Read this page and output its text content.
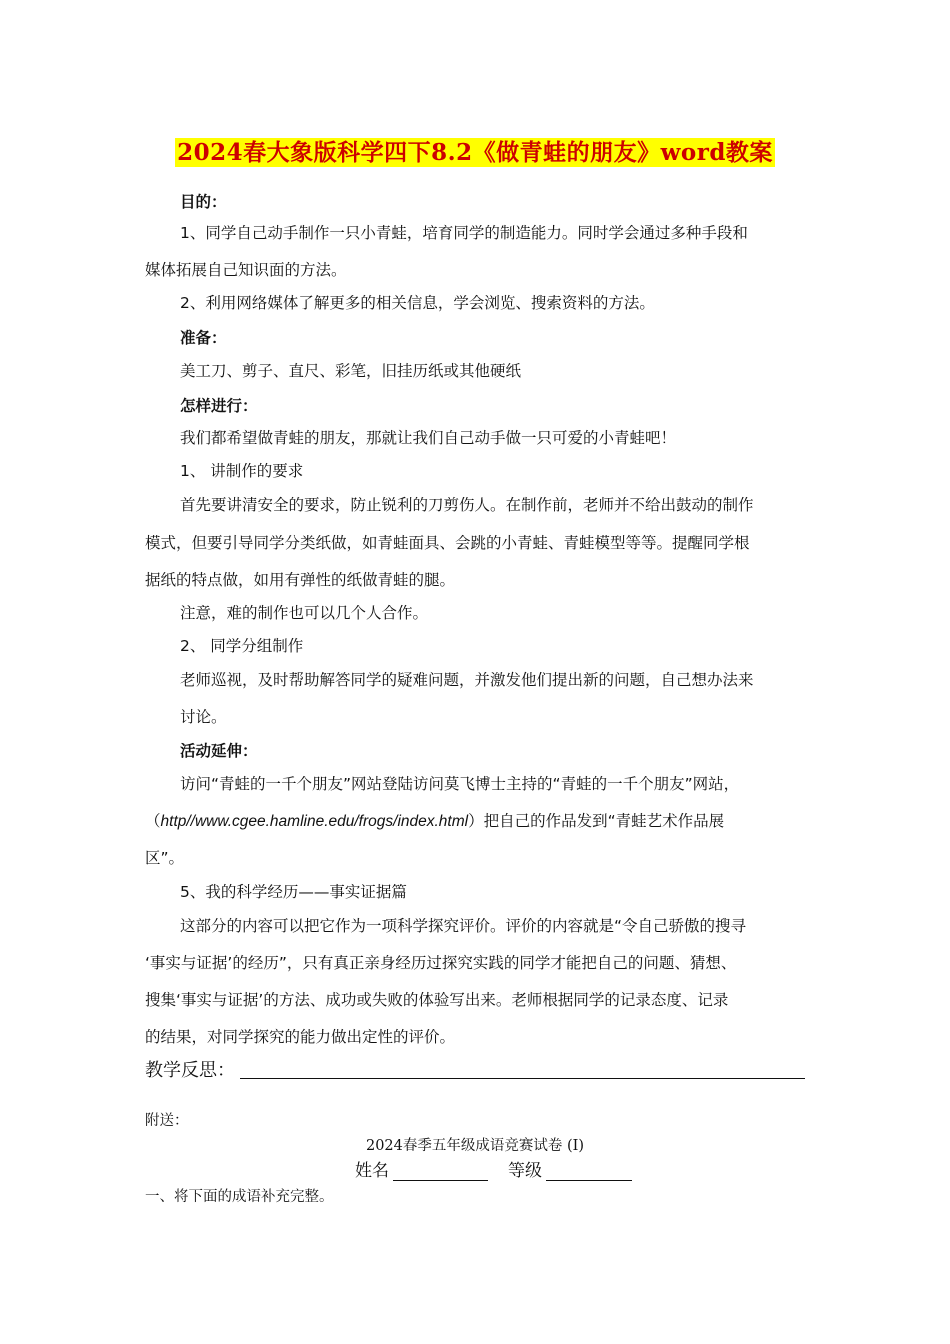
2024春大象版科学四下8.2《做青蛙的朋友》word教案
目的：
1、同学自己动手制作一只小青蛙，培育同学的制造能力。同时学会通过多种手段和
媒体拓展自己知识面的方法。
2、利用网络媒体了解更多的相关信息，学会浏览、搜索资料的方法。
准备：
美工刀、剪子、直尺、彩笔，旧挂历纸或其他硬纸
怎样进行：
我们都希望做青蛙的朋友，那就让我们自己动手做一只可爱的小青蛙吧！
1、 讲制作的要求
首先要讲清安全的要求，防止锐利的刀剪伤人。在制作前，老师并不给出鼓动的制作
模式，但要引导同学分类纸做，如青蛙面具、会跳的小青蛙、青蛙模型等等。提醒同学根
据纸的特点做，如用有弹性的纸做青蛙的腿。
注意，难的制作也可以几个人合作。
2、 同学分组制作
老师巡视，及时帮助解答同学的疑难问题，并激发他们提出新的问题，自己想办法来
讨论。
活动延伸：
访问“青蛙的一千个朋友”网站登陆访问莫飞博士主持的“青蛙的一千个朋友”网站，
（http//www.cgee.hamline.edu/frogs/index.html）把自己的作品发到“青蛙艺术作品展
区”。
5、我的科学经历——事实证据篇
这部分的内容可以把它作为一项科学探究评价。评价的内容就是“令自己骄傲的搜寻
‘事实与证据’的经历”，只有真正亲身经历过探究实践的同学才能把自己的问题、猜想、
搜集‘事实与证据’的方法、成功或失败的体验写出来。老师根据同学的记录态度、记录
的结果，对同学探究的能力做出定性的评价。
教学反思：
附送：
2024春季五年级成语竞赛试卷 (I)
姓名	等级
一、将下面的成语补充完整。
